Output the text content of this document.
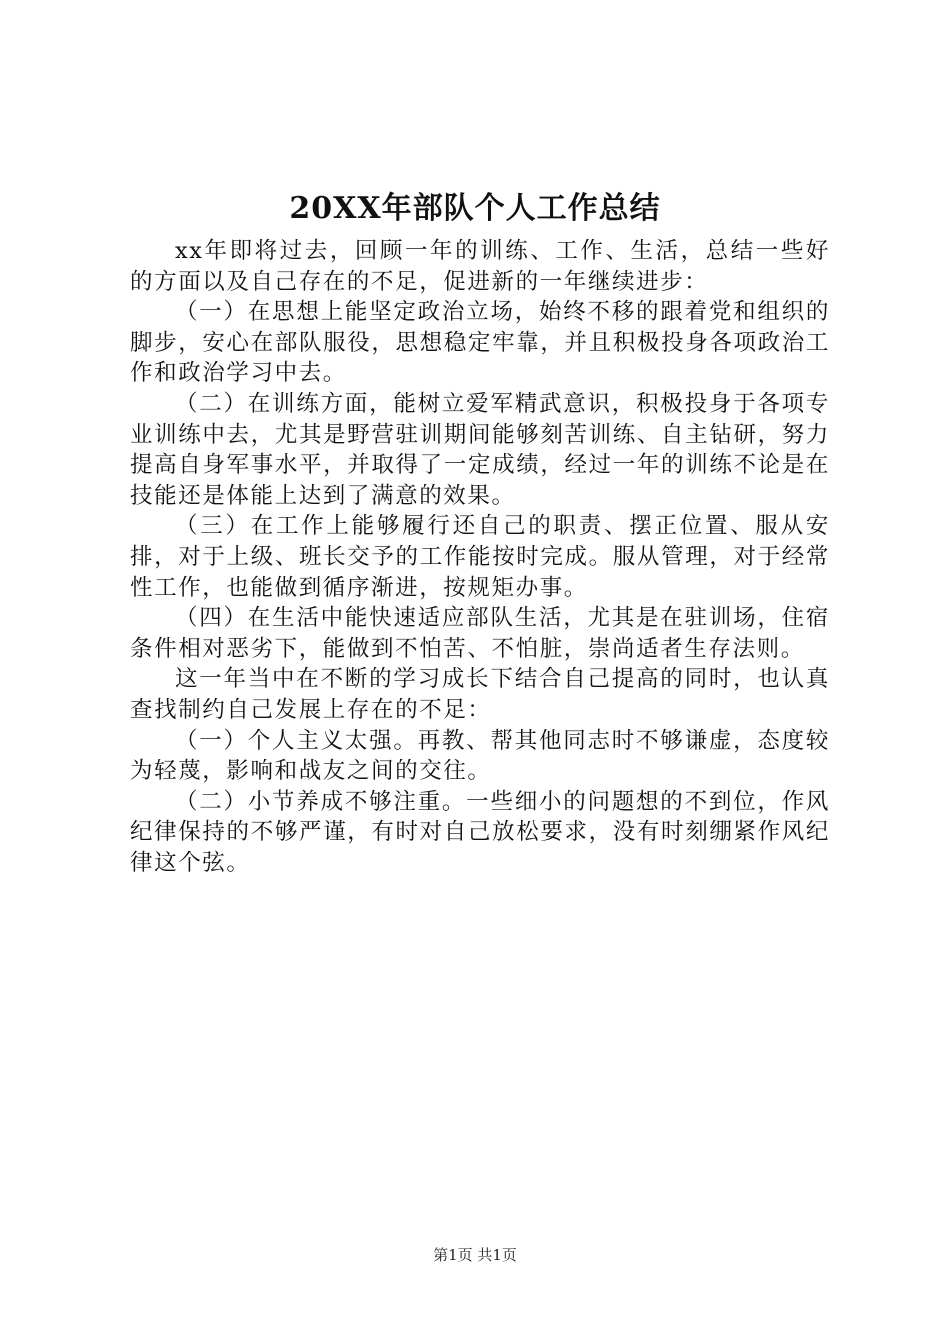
20XX年部队个人工作总结

xx年即将过去，回顾一年的训练、工作、生活，总结一些好的方面以及自己存在的不足，促进新的一年继续进步：

（一）在思想上能坚定政治立场，始终不移的跟着党和组织的脚步，安心在部队服役，思想稳定牢靠，并且积极投身各项政治工作和政治学习中去。

（二）在训练方面，能树立爱军精武意识，积极投身于各项专业训练中去，尤其是野营驻训期间能够刻苦训练、自主钻研，努力提高自身军事水平，并取得了一定成绩，经过一年的训练不论是在技能还是体能上达到了满意的效果。

（三）在工作上能够履行还自己的职责、摆正位置、服从安排，对于上级、班长交予的工作能按时完成。服从管理，对于经常性工作，也能做到循序渐进，按规矩办事。

（四）在生活中能快速适应部队生活，尤其是在驻训场，住宿条件相对恶劣下，能做到不怕苦、不怕脏，崇尚适者生存法则。

这一年当中在不断的学习成长下结合自己提高的同时，也认真查找制约自己发展上存在的不足：

（一）个人主义太强。再教、帮其他同志时不够谦虚，态度较为轻蔑，影响和战友之间的交往。

（二）小节养成不够注重。一些细小的问题想的不到位，作风纪律保持的不够严谨，有时对自己放松要求，没有时刻绷紧作风纪律这个弦。

第1页 共1页
